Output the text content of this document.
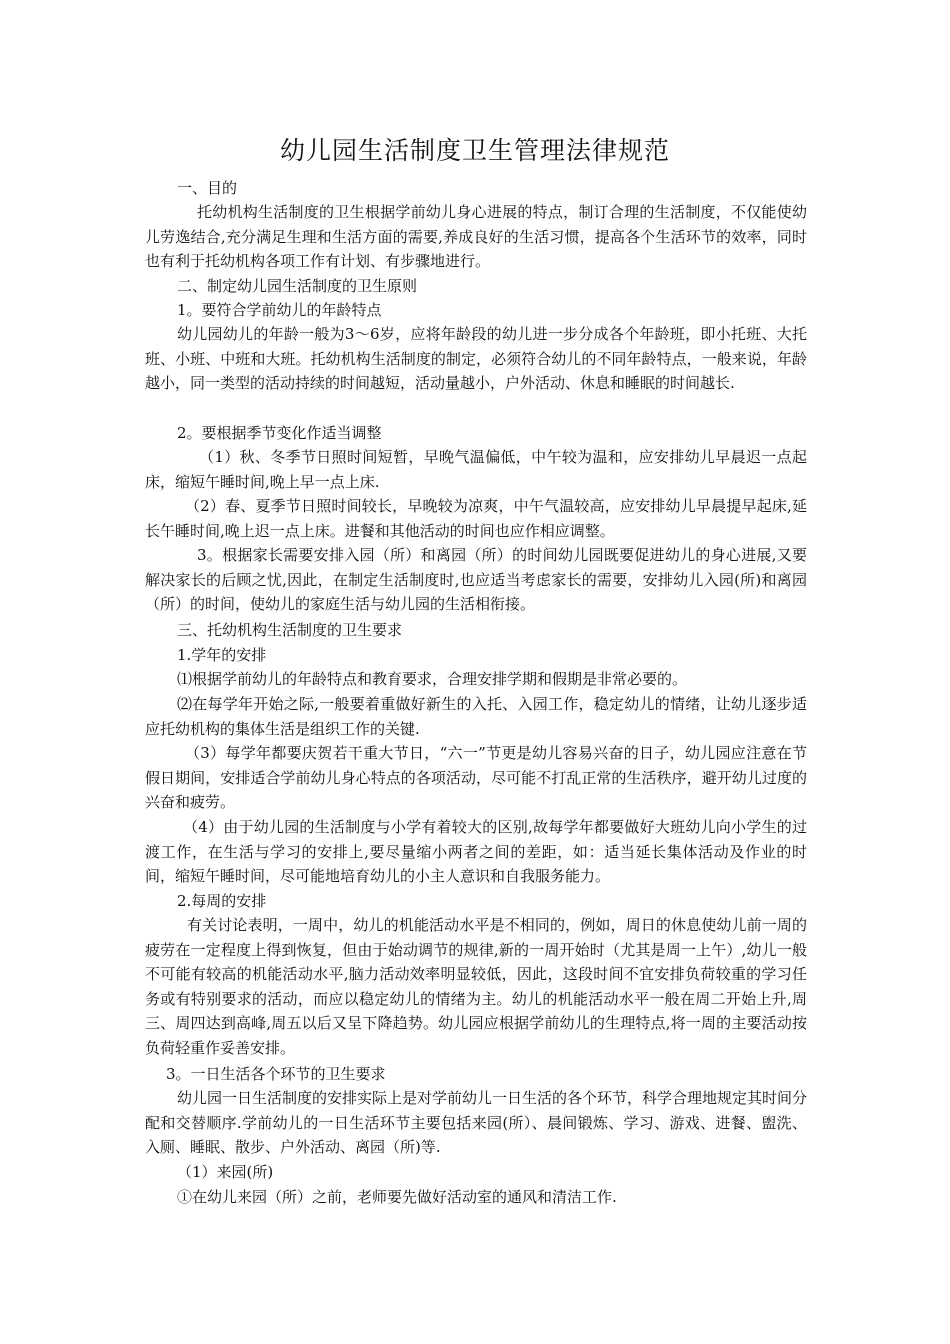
幼儿园生活制度卫生管理法律规范
一、目的
托幼机构生活制度的卫生根据学前幼儿身心进展的特点，制订合理的生活制度，不仅能使幼儿劳逸结合,充分满足生理和生活方面的需要,养成良好的生活习惯，提高各个生活环节的效率，同时也有利于托幼机构各项工作有计划、有步骤地进行。
二、制定幼儿园生活制度的卫生原则
1。要符合学前幼儿的年龄特点
幼儿园幼儿的年龄一般为3～6岁，应将年龄段的幼儿进一步分成各个年龄班，即小托班、大托班、小班、中班和大班。托幼机构生活制度的制定，必须符合幼儿的不同年龄特点，一般来说，年龄越小，同一类型的活动持续的时间越短，活动量越小，户外活动、休息和睡眠的时间越长.
2。要根据季节变化作适当调整
（1）秋、冬季节日照时间短暂，早晚气温偏低，中午较为温和，应安排幼儿早晨迟一点起床，缩短午睡时间,晚上早一点上床.
（2）春、夏季节日照时间较长，早晚较为凉爽，中午气温较高，应安排幼儿早晨提早起床,延长午睡时间,晚上迟一点上床。进餐和其他活动的时间也应作相应调整。
3。根据家长需要安排入园（所）和离园（所）的时间幼儿园既要促进幼儿的身心进展,又要解决家长的后顾之忧,因此，在制定生活制度时,也应适当考虑家长的需要，安排幼儿入园(所)和离园（所）的时间，使幼儿的家庭生活与幼儿园的生活相衔接。
三、托幼机构生活制度的卫生要求
1.学年的安排
⑴根据学前幼儿的年龄特点和教育要求，合理安排学期和假期是非常必要的。
⑵在每学年开始之际,一般要着重做好新生的入托、入园工作，稳定幼儿的情绪，让幼儿逐步适应托幼机构的集体生活是组织工作的关键.
（3）每学年都要庆贺若干重大节日，“六一”节更是幼儿容易兴奋的日子，幼儿园应注意在节假日期间，安排适合学前幼儿身心特点的各项活动，尽可能不打乱正常的生活秩序，避开幼儿过度的兴奋和疲劳。
（4）由于幼儿园的生活制度与小学有着较大的区别,故每学年都要做好大班幼儿向小学生的过渡工作，在生活与学习的安排上,要尽量缩小两者之间的差距，如：适当延长集体活动及作业的时间，缩短午睡时间，尽可能地培育幼儿的小主人意识和自我服务能力。
2.每周的安排
有关讨论表明，一周中，幼儿的机能活动水平是不相同的，例如，周日的休息使幼儿前一周的疲劳在一定程度上得到恢复，但由于始动调节的规律,新的一周开始时（尤其是周一上午）,幼儿一般不可能有较高的机能活动水平,脑力活动效率明显较低，因此，这段时间不宜安排负荷较重的学习任务或有特别要求的活动，而应以稳定幼儿的情绪为主。幼儿的机能活动水平一般在周二开始上升,周三、周四达到高峰,周五以后又呈下降趋势。幼儿园应根据学前幼儿的生理特点,将一周的主要活动按负荷轻重作妥善安排。
3。一日生活各个环节的卫生要求
幼儿园一日生活制度的安排实际上是对学前幼儿一日生活的各个环节，科学合理地规定其时间分配和交替顺序.学前幼儿的一日生活环节主要包括来园(所）、晨间锻炼、学习、游戏、进餐、盥洗、入厕、睡眠、散步、户外活动、离园（所)等.
（1）来园(所)
①在幼儿来园（所）之前，老师要先做好活动室的通风和清洁工作.
